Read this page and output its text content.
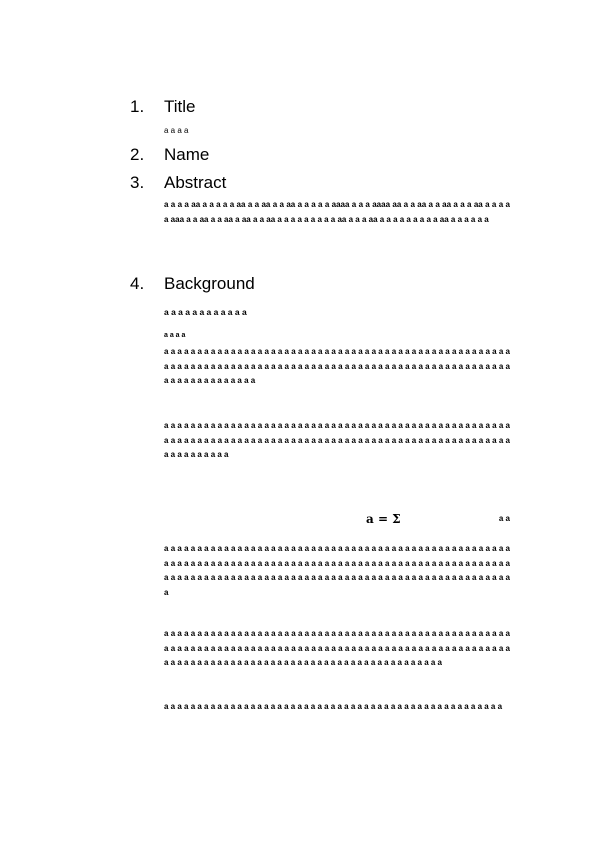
1. Title
a a a a
2. Name
3. Abstract
a a a a aa a a a a a aa a a aa a a aa a a a a a aaaa a a a aaaa aa a a aa a a aa a a a aa a a a a a aaa a a aa a a aa a aa a a aa a a a a a a a a a aa a a a aa a a a a a a a a a aa a a a a a a
4. Background
a a a a a a a a a a a a
a a a a
a a a a a a a a a a a a a a a a a a a a a a a a a a a a a a a a a a a a a a a a a a a a a a a a a a a a a a a a a a a a a a a a a a a a a a a a a a a a a a a a a a a a a a a a a a a a a a a a a a a a a a a a a a a a a a a a a a a a a a
a a a a a a a a a a a a a a a a a a a a a a a a a a a a a a a a a a a a a a a a a a a a a a a a a a a a a a a a a a a a a a a a a a a a a a a a a a a a a a a a a a a a a a a a a a a a a a a a a a a a a a a a a a a a a a a a a a
a = Σ	a a
a a a a a a a a a a a a a a a a a a a a a a a a a a a a a a a a a a a a a a a a a a a a a a a a a a a a a a a a a a a a a a a a a a a a a a a a a a a a a a a a a a a a a a a a a a a a a a a a a a a a a a a a a a a a a a a a a a a a a a a a a a a a a a a a a a a a a a a a a a a a a a a a a a a a a a a a a a a a a
a a a a a a a a a a a a a a a a a a a a a a a a a a a a a a a a a a a a a a a a a a a a a a a a a a a a a a a a a a a a a a a a a a a a a a a a a a a a a a a a a a a a a a a a a a a a a a a a a a a a a a a a a a a a a a a a a a a a a a a a a a a a a a a a a a a a a a a a a a a a a a a a a a
a a a a a a a a a a a a a a a a a a a a a a a a a a a a a a a a a a a a a a a a a a a a a a a a a a a
